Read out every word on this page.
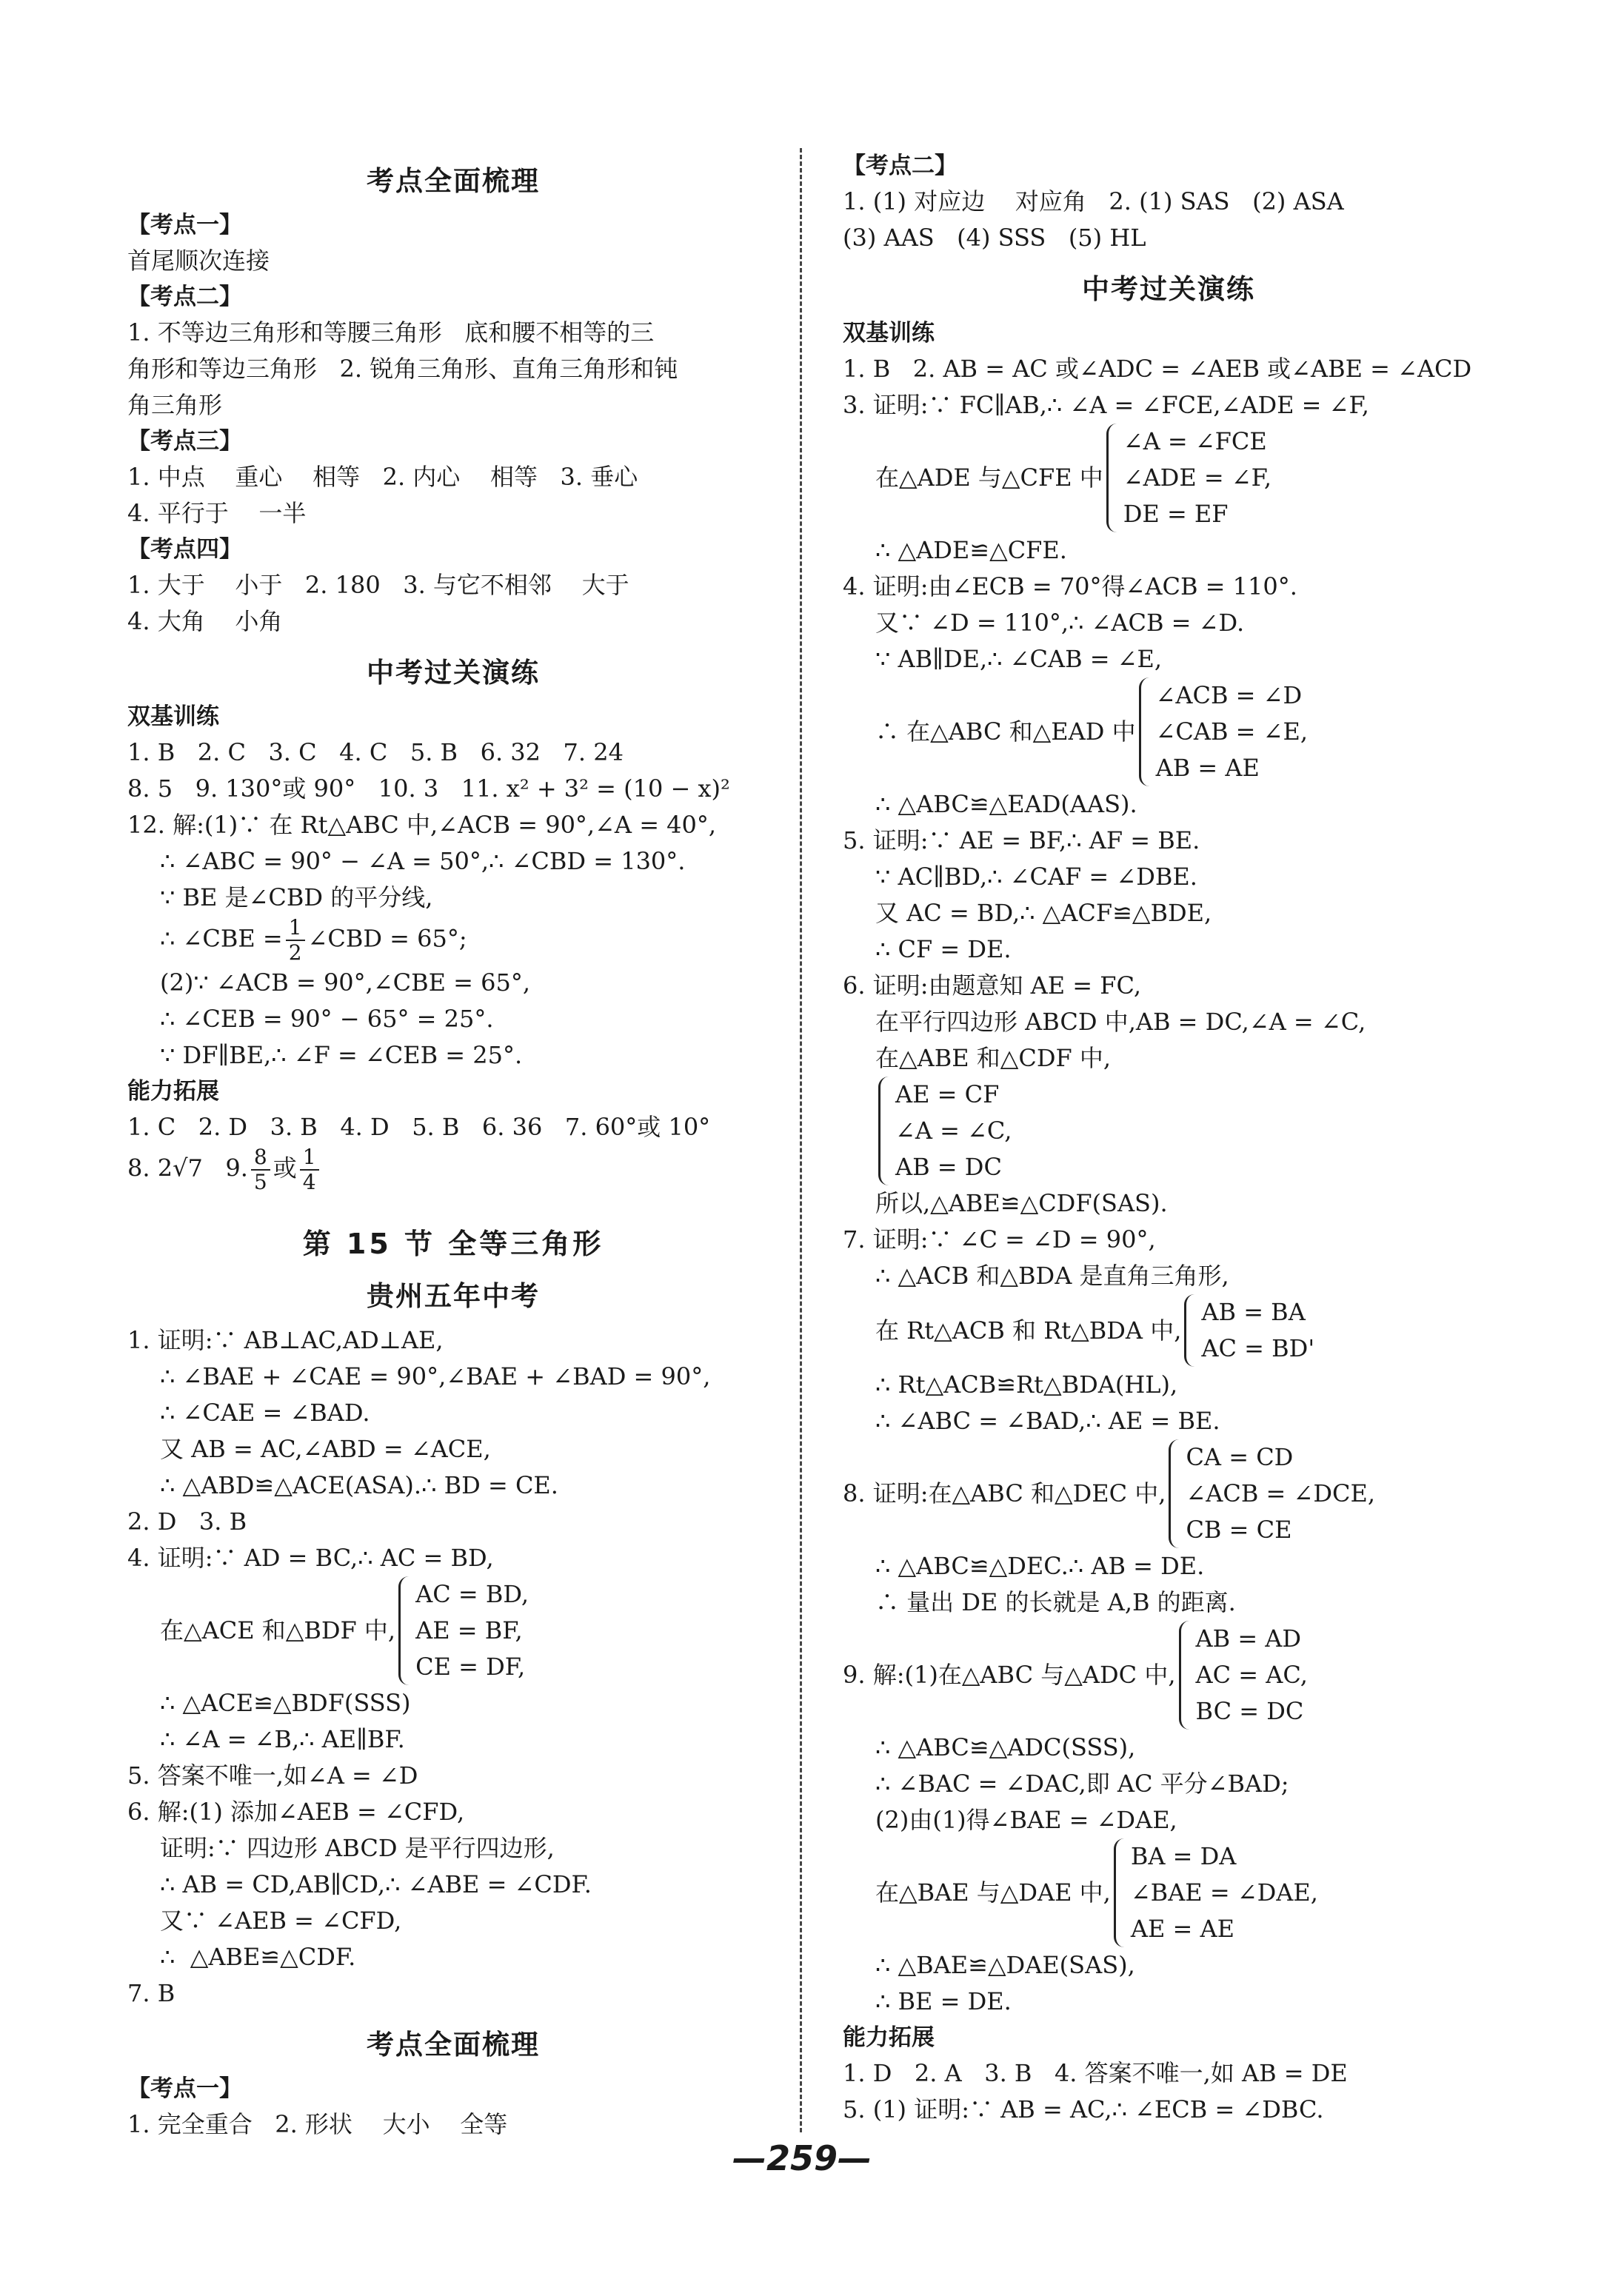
考点全面梳理
【考点一】
首尾顺次连接
【考点二】
1. 不等边三角形和等腰三角形   底和腰不相等的三
角形和等边三角形   2. 锐角三角形、直角三角形和钝
角三角形
【考点三】
1. 中点    重心    相等   2. 内心    相等   3. 垂心
4. 平行于    一半
【考点四】
1. 大于    小于   2. 180   3. 与它不相邻    大于
4. 大角    小角
中考过关演练
双基训练
1. B   2. C   3. C   4. C   5. B   6. 32   7. 24
8. 5   9. 130°或 90°   10. 3   11. x² + 3² = (10 − x)²
12. 解:(1)∵ 在 Rt△ABC 中,∠ACB = 90°,∠A = 40°,
∴ ∠ABC = 90° − ∠A = 50°,∴ ∠CBD = 130°.
∵ BE 是∠CBD 的平分线,
∴ ∠CBE = $\frac{1}{2}$ ∠CBD = 65°;
(2)∵ ∠ACB = 90°,∠CBE = 65°,
∴ ∠CEB = 90° − 65° = 25°.
∵ DF∥BE,∴ ∠F = ∠CEB = 25°.
能力拓展
1. C   2. D   3. B   4. D   5. B   6. 36   7. 60°或 10°
8. 2√7   9. $\frac{8}{5}$ 或 $\frac{1}{4}$
第 15 节 全等三角形
贵州五年中考
1. 证明:∵ AB⊥AC,AD⊥AE,
∴ ∠BAE + ∠CAE = 90°,∠BAE + ∠BAD = 90°,
∴ ∠CAE = ∠BAD.
又 AB = AC,∠ABD = ∠ACE,
∴ △ABD≌△ACE(ASA).∴ BD = CE.
2. D   3. B
4. 证明:∵ AD = BC,∴ AC = BD,
在△ACE 和△BDF 中,
AC = BD,
AE = BF,
CE = DF,
∴ △ACE≌△BDF(SSS)
∴ ∠A = ∠B,∴ AE∥BF.
5. 答案不唯一,如∠A = ∠D
6. 解:(1) 添加∠AEB = ∠CFD,
证明:∵ 四边形 ABCD 是平行四边形,
∴ AB = CD,AB∥CD,∴ ∠ABE = ∠CDF.
又∵ ∠AEB = ∠CFD,
∴  △ABE≌△CDF.
7. B
考点全面梳理
【考点一】
1. 完全重合   2. 形状    大小    全等
【考点二】
1. (1) 对应边    对应角   2. (1) SAS   (2) ASA
(3) AAS   (4) SSS   (5) HL
中考过关演练
双基训练
1. B   2. AB = AC 或∠ADC = ∠AEB 或∠ABE = ∠ACD
3. 证明:∵ FC∥AB,∴ ∠A = ∠FCE,∠ADE = ∠F,
在△ADE 与△CFE 中
∠A = ∠FCE
∠ADE = ∠F,
DE = EF
∴ △ADE≌△CFE.
4. 证明:由∠ECB = 70°得∠ACB = 110°.
又∵ ∠D = 110°,∴ ∠ACB = ∠D.
∵ AB∥DE,∴ ∠CAB = ∠E,
∴ 在△ABC 和△EAD 中
∠ACB = ∠D
∠CAB = ∠E,
AB = AE
∴ △ABC≌△EAD(AAS).
5. 证明:∵ AE = BF,∴ AF = BE.
∵ AC∥BD,∴ ∠CAF = ∠DBE.
又 AC = BD,∴ △ACF≌△BDE,
∴ CF = DE.
6. 证明:由题意知 AE = FC,
在平行四边形 ABCD 中,AB = DC,∠A = ∠C,
在△ABE 和△CDF 中,
AE = CF
∠A = ∠C,
AB = DC
所以,△ABE≌△CDF(SAS).
7. 证明:∵ ∠C = ∠D = 90°,
∴ △ACB 和△BDA 是直角三角形,
在 Rt△ACB 和 Rt△BDA 中,
AB = BA
AC = BD'
∴ Rt△ACB≌Rt△BDA(HL),
∴ ∠ABC = ∠BAD,∴ AE = BE.
8. 证明:在△ABC 和△DEC 中,
CA = CD
∠ACB = ∠DCE,
CB = CE
∴ △ABC≌△DEC.∴ AB = DE.
∴ 量出 DE 的长就是 A,B 的距离.
9. 解:(1)在△ABC 与△ADC 中,
AB = AD
AC = AC,
BC = DC
∴ △ABC≌△ADC(SSS),
∴ ∠BAC = ∠DAC,即 AC 平分∠BAD;
(2)由(1)得∠BAE = ∠DAE,
在△BAE 与△DAE 中,
BA = DA
∠BAE = ∠DAE,
AE = AE
∴ △BAE≌△DAE(SAS),
∴ BE = DE.
能力拓展
1. D   2. A   3. B   4. 答案不唯一,如 AB = DE
5. (1) 证明:∵ AB = AC,∴ ∠ECB = ∠DBC.
—259—
